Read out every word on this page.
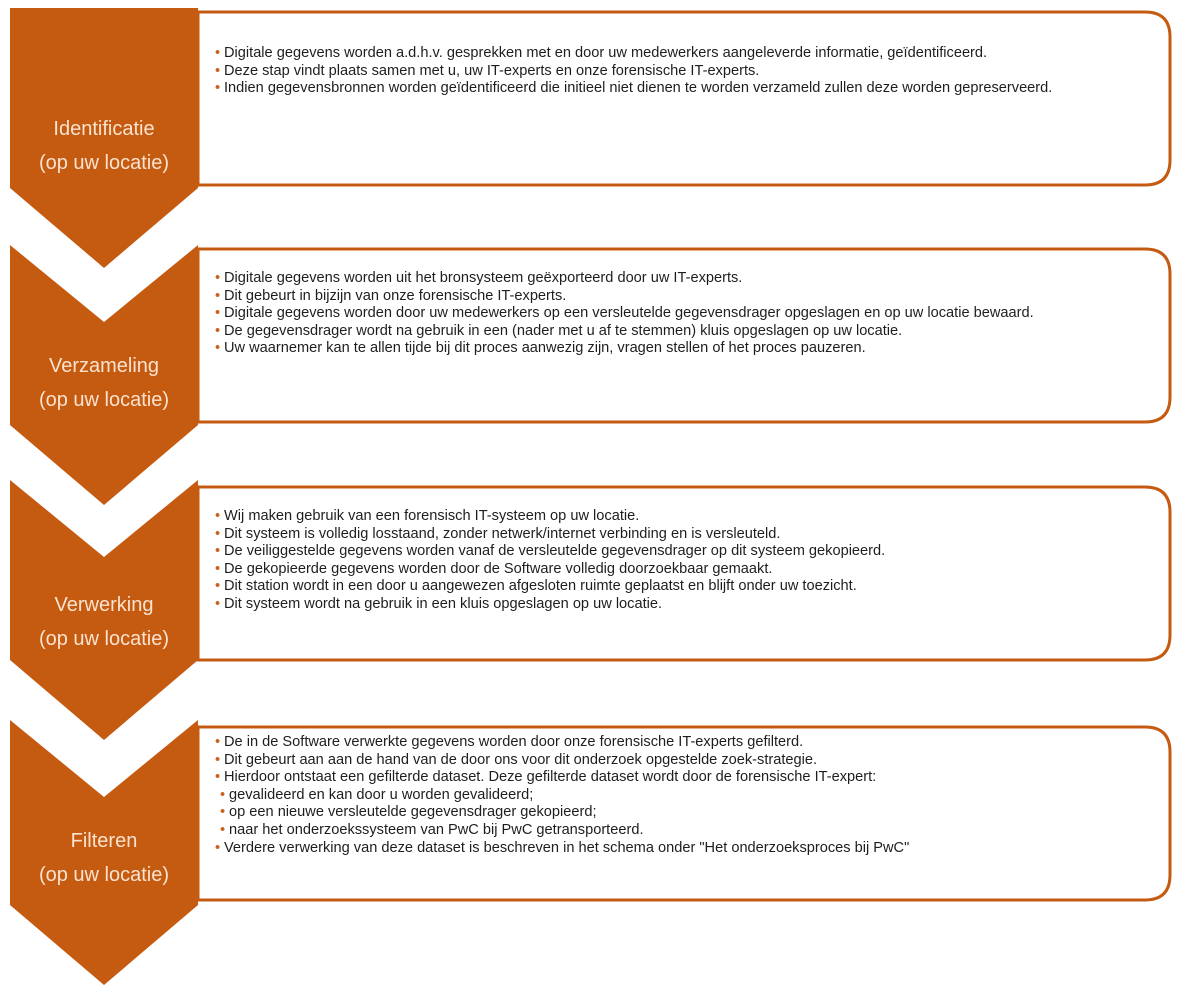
Identificatie
(op uw locatie)
Verzameling
(op uw locatie)
Verwerking
(op uw locatie)
Filteren
(op uw locatie)
• Digitale gegevens worden a.d.h.v. gesprekken met en door uw medewerkers aangeleverde informatie, geïdentificeerd.
• Deze stap vindt plaats samen met u, uw IT-experts en onze forensische IT-experts.
• Indien gegevensbronnen worden geïdentificeerd die initieel niet dienen te worden verzameld zullen deze worden gepreserveerd.
• Digitale gegevens worden uit het bronsysteem geëxporteerd door uw IT-experts.
• Dit gebeurt in bijzijn van onze forensische IT-experts.
• Digitale gegevens worden door uw medewerkers op een versleutelde gegevensdrager opgeslagen en op uw locatie bewaard.
• De gegevensdrager wordt na gebruik in een (nader met u af te stemmen) kluis opgeslagen op uw locatie.
• Uw waarnemer kan te allen tijde bij dit proces aanwezig zijn, vragen stellen of het proces pauzeren.
• Wij maken gebruik van een forensisch IT-systeem op uw locatie.
• Dit systeem is volledig losstaand, zonder netwerk/internet verbinding en is versleuteld.
• De veiliggestelde gegevens worden vanaf de versleutelde gegevensdrager op dit systeem gekopieerd.
• De gekopieerde gegevens worden door de Software volledig doorzoekbaar gemaakt.
• Dit station wordt in een door u aangewezen afgesloten ruimte geplaatst en blijft onder uw toezicht.
• Dit systeem wordt na gebruik in een kluis opgeslagen op uw locatie.
• De in de Software verwerkte gegevens worden door onze forensische IT-experts gefilterd.
• Dit gebeurt aan aan de hand van de door ons voor dit onderzoek opgestelde zoek-strategie.
• Hierdoor ontstaat een gefilterde dataset. Deze gefilterde dataset wordt door de forensische IT-expert:
• gevalideerd en kan door u worden gevalideerd;
• op een nieuwe versleutelde gegevensdrager gekopieerd;
• naar het onderzoekssysteem van PwC bij PwC getransporteerd.
• Verdere verwerking van deze dataset is beschreven in het schema onder "Het onderzoeksproces bij PwC"
